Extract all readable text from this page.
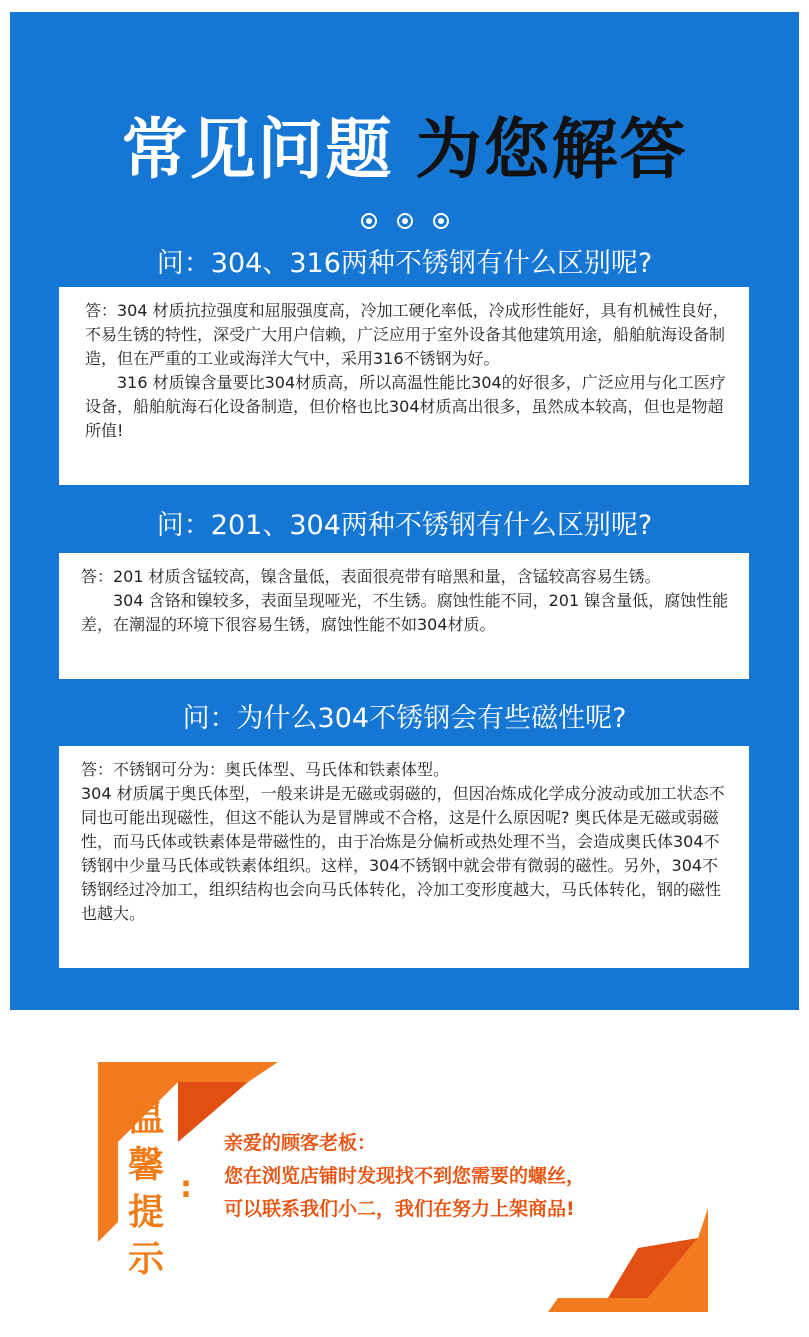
常见问题 为您解答
问：304、316两种不锈钢有什么区别呢?

答：304 材质抗拉强度和屈服强度高，冷加工硬化率低，冷成形性能好，具有机械性良好，不易生锈的特性，深受广大用户信赖，广泛应用于室外设备其他建筑用途，船舶航海设备制造，但在严重的工业或海洋大气中，采用316不锈钢为好。

316 材质镍含量要比304材质高，所以高温性能比304的好很多，广泛应用与化工医疗设备，船舶航海石化设备制造，但价格也比304材质高出很多，虽然成本较高，但也是物超所值!

问：201、304两种不锈钢有什么区别呢?

答：201 材质含锰较高，镍含量低，表面很亮带有暗黑和量，含锰较高容易生锈。

304 含铬和镍较多，表面呈现哑光，不生锈。腐蚀性能不同，201 镍含量低，腐蚀性能差，在潮湿的环境下很容易生锈，腐蚀性能不如304材质。

问：为什么304不锈钢会有些磁性呢?

答：不锈钢可分为：奥氏体型、马氏体和铁素体型。

304 材质属于奥氏体型，一般来讲是无磁或弱磁的，但因冶炼成化学成分波动或加工状态不同也可能出现磁性，但这不能认为是冒牌或不合格，这是什么原因呢? 奥氏体是无磁或弱磁性，而马氏体或铁素体是带磁性的，由于冶炼是分偏析或热处理不当，会造成奥氏体304不锈钢中少量马氏体或铁素体组织。这样，304不锈钢中就会带有微弱的磁性。另外，304不锈钢经过冷加工，组织结构也会向马氏体转化，冷加工变形度越大，马氏体转化，钢的磁性也越大。

温
馨
提
示
:
亲爱的顾客老板：
您在浏览店铺时发现找不到您需要的螺丝，
可以联系我们小二，我们在努力上架商品!
